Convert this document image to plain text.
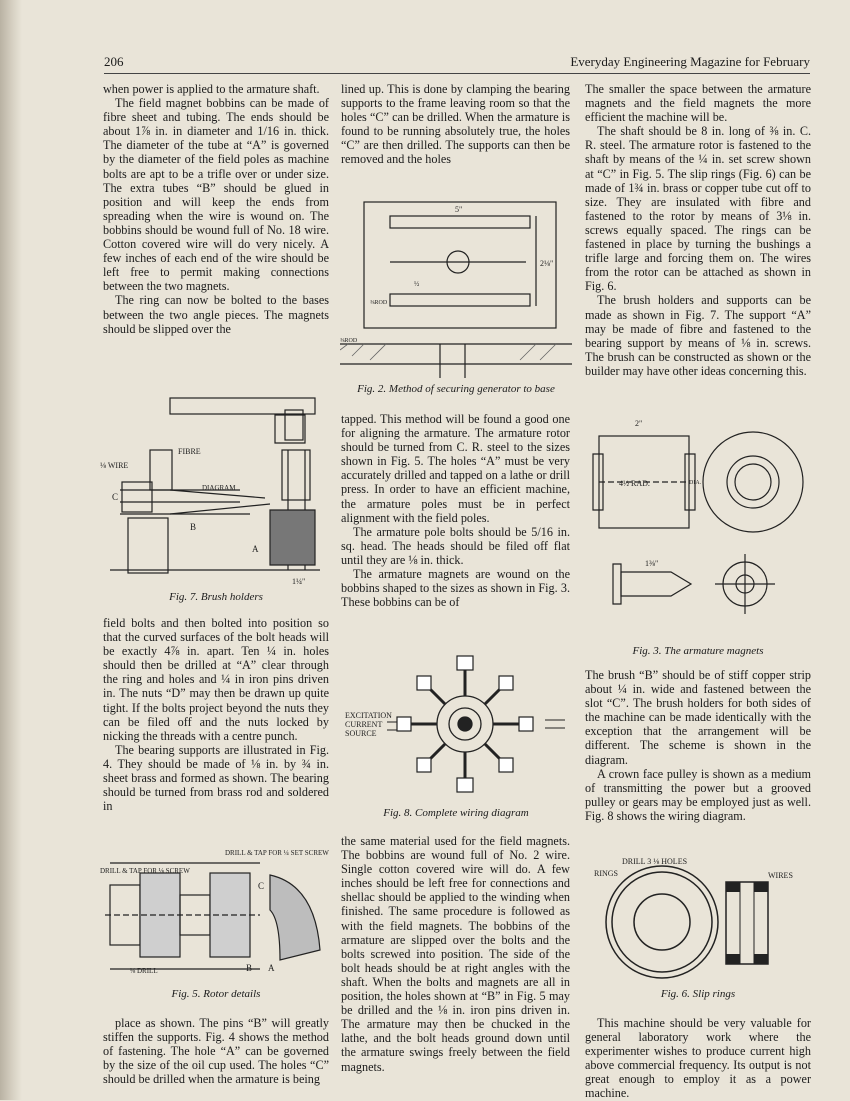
206	Everyday Engineering Magazine for February

when power is applied to the armature shaft.

The field magnet bobbins can be made of fibre sheet and tubing. The ends should be about 1⅞ in. in diameter and 1/16 in. thick. The diameter of the tube at “A” is governed by the diameter of the field poles as machine bolts are apt to be a trifle over or under size. The extra tubes “B” should be glued in position and will keep the ends from spreading when the wire is wound on. The bobbins should be wound full of No. 18 wire. Cotton covered wire will do very nicely. A few inches of each end of the wire should be left free to permit making connections between the two magnets.

The ring can now be bolted to the bases between the two angle pieces. The magnets should be slipped over the

FIBRE
⅛ WIRE
DIAGRAM
C
B
A
1¼"
Fig. 7. Brush holders

field bolts and then bolted into position so that the curved surfaces of the bolt heads will be exactly 4⅞ in. apart. Ten ¼ in. holes should then be drilled at “A” clear through the ring and holes and ¼ in iron pins driven in. The nuts “D” may then be drawn up quite tight. If the bolts project beyond the nuts they can be filed off and the nuts locked by nicking the threads with a centre punch.

The bearing supports are illustrated in Fig. 4. They should be made of ⅛ in. by ¾ in. sheet brass and formed as shown. The bearing should be turned from brass rod and soldered in

DRILL & TAP FOR ¼ SET SCREW
DRILL & TAP FOR ⅛ SCREW
⅛ DRILL	B A
C
Fig. 5. Rotor details

place as shown. The pins “B” will greatly stiffen the supports. Fig. 4 shows the method of fastening. The hole “A” can be governed by the size of the oil cup used. The holes “C” should be drilled when the armature is being

lined up. This is done by clamping the bearing supports to the frame leaving room so that the holes “C” can be drilled. When the armature is found to be running absolutely true, the holes “C” are then drilled. The supports can then be removed and the holes

5"
2⅛"
⅜ROD
⅜ROD
½
Fig. 2. Method of securing generator to base

tapped. This method will be found a good one for aligning the armature. The armature rotor should be turned from C. R. steel to the sizes shown in Fig. 5. The holes “A” must be very accurately drilled and tapped on a lathe or drill press. In order to have an efficient machine, the armature poles must be in perfect alignment with the field poles.

The armature pole bolts should be 5/16 in. sq. head. The heads should be filed off flat until they are ⅛ in. thick.

The armature magnets are wound on the bobbins shaped to the sizes as shown in Fig. 3. These bobbins can be of

EXCITATION
CURRENT
SOURCE
Fig. 8. Complete wiring diagram

the same material used for the field magnets. The bobbins are wound full of No. 2 wire. Single cotton covered wire will do. A few inches should be left free for connections and shellac should be applied to the winding when finished. The same procedure is followed as with the field magnets. The bobbins of the armature are slipped over the bolts and the bolts screwed into position. The side of the bolt heads should be at right angles with the shaft. When the bolts and magnets are all in position, the holes shown at “B” in Fig. 5 may be drilled and the ⅛ in. iron pins driven in. The armature may then be chucked in the lathe, and the bolt heads ground down until the armature swings freely between the field magnets.

The smaller the space between the armature magnets and the field magnets the more efficient the machine will be.

The shaft should be 8 in. long of ⅜ in. C. R. steel. The armature rotor is fastened to the shaft by means of the ¼ in. set screw shown at “C” in Fig. 5. The slip rings (Fig. 6) can be made of 1¾ in. brass or copper tube cut off to size. They are insulated with fibre and fastened to the rotor by means of 3⅛ in. screws equally spaced. The rings can be fastened in place by turning the bushings a trifle large and forcing them on. The wires from the rotor can be attached as shown in Fig. 6.

The brush holders and supports can be made as shown in Fig. 7. The support “A” may be made of fibre and fastened to the bearing support by means of ⅛ in. screws. The brush can be constructed as shown or the builder may have other ideas concerning this.

2"
4½ RAD.	DIA.
1⅜"
Fig. 3. The armature magnets

The brush “B” should be of stiff copper strip about ¼ in. wide and fastened between the slot “C”. The brush holders for both sides of the machine can be made identically with the exception that the arrangement will be different. The scheme is shown in the diagram.

A crown face pulley is shown as a medium of transmitting the power but a grooved pulley or gears may be employed just as well. Fig. 8 shows the wiring diagram.

DRILL 3 ⅛ HOLES
RINGS	WIRES
Fig. 6. Slip rings

This machine should be very valuable for general laboratory work where the experimenter wishes to produce current high above commercial frequency. Its output is not great enough to employ it as a power machine.
